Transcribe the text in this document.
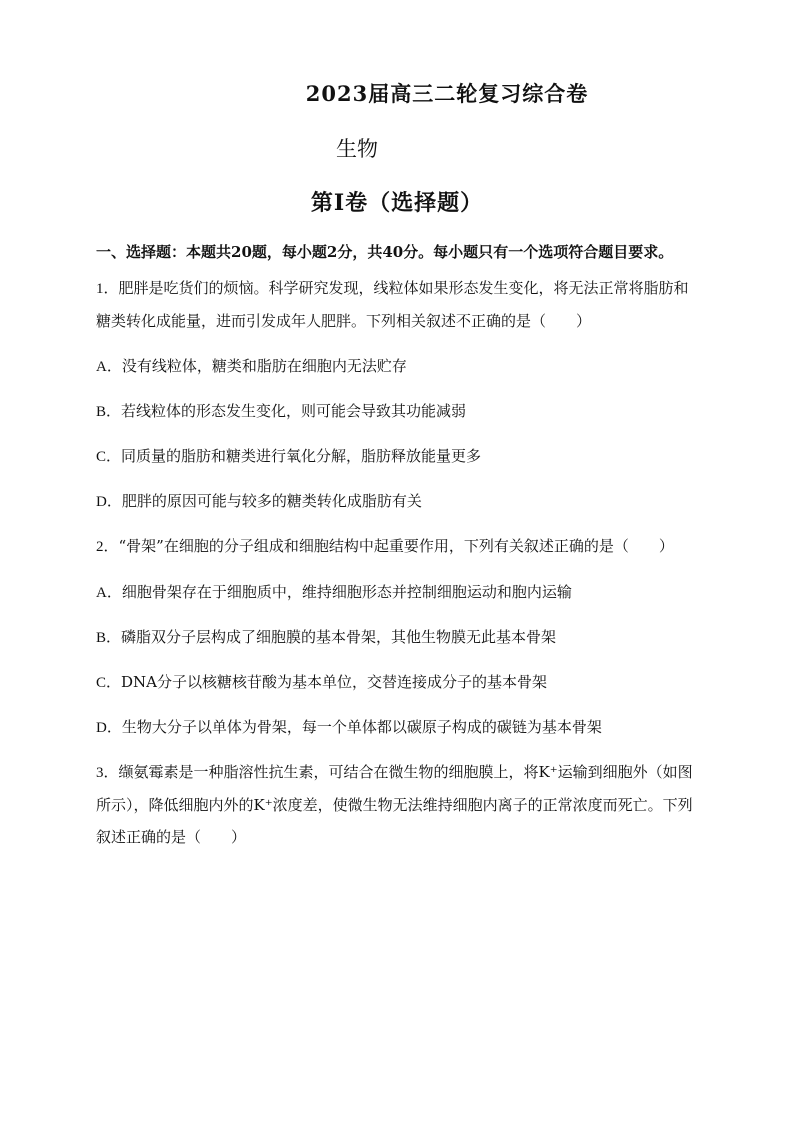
2023届高三二轮复习综合卷
生物
第Ⅰ卷（选择题）

一、选择题：本题共20题，每小题2分，共40分。每小题只有一个选项符合题目要求。

1．肥胖是吃货们的烦恼。科学研究发现，线粒体如果形态发生变化，将无法正常将脂肪和糖类转化成能量，进而引发成年人肥胖。下列相关叙述不正确的是（　　）

A．没有线粒体，糖类和脂肪在细胞内无法贮存
B．若线粒体的形态发生变化，则可能会导致其功能减弱
C．同质量的脂肪和糖类进行氧化分解，脂肪释放能量更多
D．肥胖的原因可能与较多的糖类转化成脂肪有关

2．“骨架”在细胞的分子组成和细胞结构中起重要作用，下列有关叙述正确的是（　　）

A．细胞骨架存在于细胞质中，维持细胞形态并控制细胞运动和胞内运输
B．磷脂双分子层构成了细胞膜的基本骨架，其他生物膜无此基本骨架
C．DNA分子以核糖核苷酸为基本单位，交替连接成分子的基本骨架
D．生物大分子以单体为骨架，每一个单体都以碳原子构成的碳链为基本骨架

3．缬氨霉素是一种脂溶性抗生素，可结合在微生物的细胞膜上，将K⁺运输到细胞外（如图所示），降低细胞内外的K⁺浓度差，使微生物无法维持细胞内离子的正常浓度而死亡。下列叙述正确的是（　　）
